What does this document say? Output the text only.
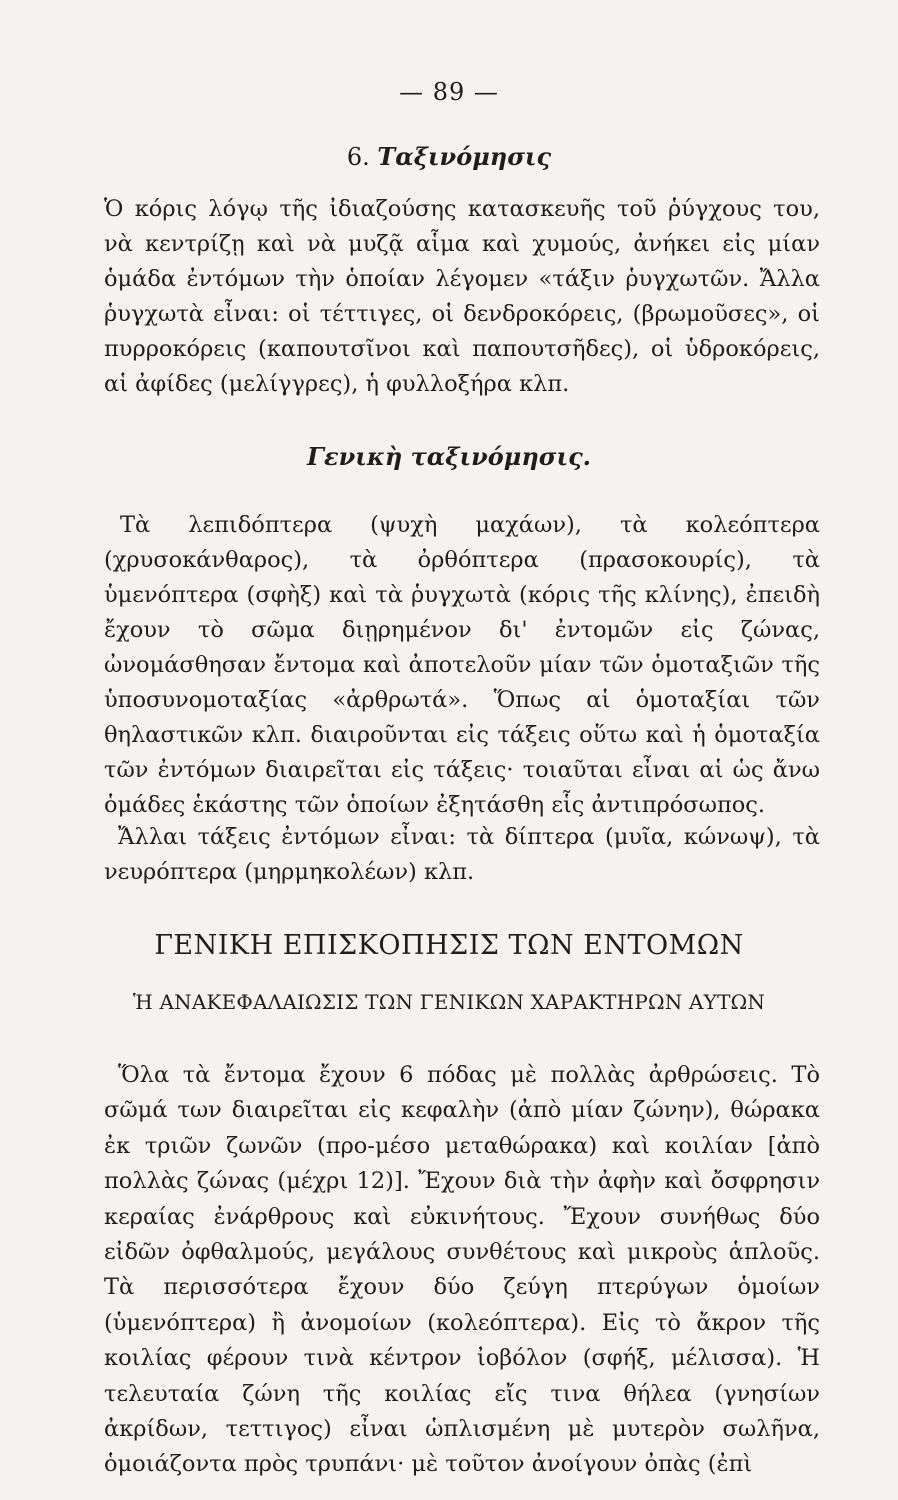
— 89 —
6. Ταξινόμησις

Ὁ κόρις λόγῳ τῆς ἰδιαζούσης κατασκευῆς τοῦ ῥύγχους του, νὰ κεντρίζῃ καὶ νὰ μυζᾷ αἷμα καὶ χυμούς, ἀνήκει εἰς μίαν ὁμάδα ἐντόμων τὴν ὁποίαν λέγομεν «τάξιν ῥυγχωτῶν. Ἄλλα ῥυγχωτὰ εἶναι: οἱ τέττιγες, οἱ δενδροκόρεις, (βρωμοῦσες», οἱ πυρροκόρεις (καπουτσῖνοι καὶ παπουτσῆδες), οἱ ὑδροκόρεις, αἱ ἀφίδες (μελίγγρες), ἡ φυλλοξήρα κλπ.

Γενικὴ ταξινόμησις.

Τὰ λεπιδόπτερα (ψυχὴ μαχάων), τὰ κολεόπτερα (χρυσοκάνθαρος), τὰ ὀρθόπτερα (πρασοκουρίς), τὰ ὑμενόπτερα (σφὴξ) καὶ τὰ ῥυγχωτὰ (κόρις τῆς κλίνης), ἐπειδὴ ἔχουν τὸ σῶμα διῃρημένον δι' ἐντομῶν εἰς ζώνας, ὠνομάσθησαν ἔντομα καὶ ἀποτελοῦν μίαν τῶν ὁμοταξιῶν τῆς ὑποσυνομοταξίας «ἀρθρωτά». Ὅπως αἱ ὁμοταξίαι τῶν θηλαστικῶν κλπ. διαιροῦνται εἰς τάξεις οὕτω καὶ ἡ ὁμοταξία τῶν ἐντόμων διαιρεῖται εἰς τάξεις· τοιαῦται εἶναι αἱ ὡς ἄνω ὁμάδες ἑκάστης τῶν ὁποίων ἐξητάσθη εἷς ἀντιπρόσωπος.

Ἄλλαι τάξεις ἐντόμων εἶναι: τὰ δίπτερα (μυῖα, κώνωψ), τὰ νευρόπτερα (μηρμηκολέων) κλπ.

ΓΕΝΙΚΗ ΕΠΙΣΚΟΠΗΣΙΣ ΤΩΝ ΕΝΤΟΜΩΝ
Ἡ ΑΝΑΚΕΦΑΛΑΙΩΣΙΣ ΤΩΝ ΓΕΝΙΚΩΝ ΧΑΡΑΚΤΗΡΩΝ ΑΥΤΩΝ

Ὅλα τὰ ἔντομα ἔχουν 6 πόδας μὲ πολλὰς ἀρθρώσεις. Τὸ σῶμά των διαιρεῖται εἰς κεφαλὴν (ἀπὸ μίαν ζώνην), θώρακα ἐκ τριῶν ζωνῶν (προ-μέσο μεταθώρακα) καὶ κοιλίαν [ἀπὸ πολλὰς ζώνας (μέχρι 12)]. Ἔχουν διὰ τὴν ἀφὴν καὶ ὄσφρησιν κεραίας ἐνάρθρους καὶ εὐκινήτους. Ἔχουν συνήθως δύο εἰδῶν ὀφθαλμούς, μεγάλους συνθέτους καὶ μικροὺς ἁπλοῦς. Τὰ περισσότερα ἔχουν δύο ζεύγη πτερύγων ὁμοίων (ὑμενόπτερα) ἢ ἀνομοίων (κολεόπτερα). Εἰς τὸ ἄκρον τῆς κοιλίας φέρουν τινὰ κέντρον ἰοβόλον (σφήξ, μέλισσα). Ἡ τελευταία ζώνη τῆς κοιλίας εἴς τινα θήλεα (γνησίων ἀκρίδων, τεττιγος) εἶναι ὡπλισμένη μὲ μυτερὸν σωλῆνα, ὁμοιάζοντα πρὸς τρυπάνι· μὲ τοῦτον ἀνοίγουν ὀπὰς (ἐπὶ
